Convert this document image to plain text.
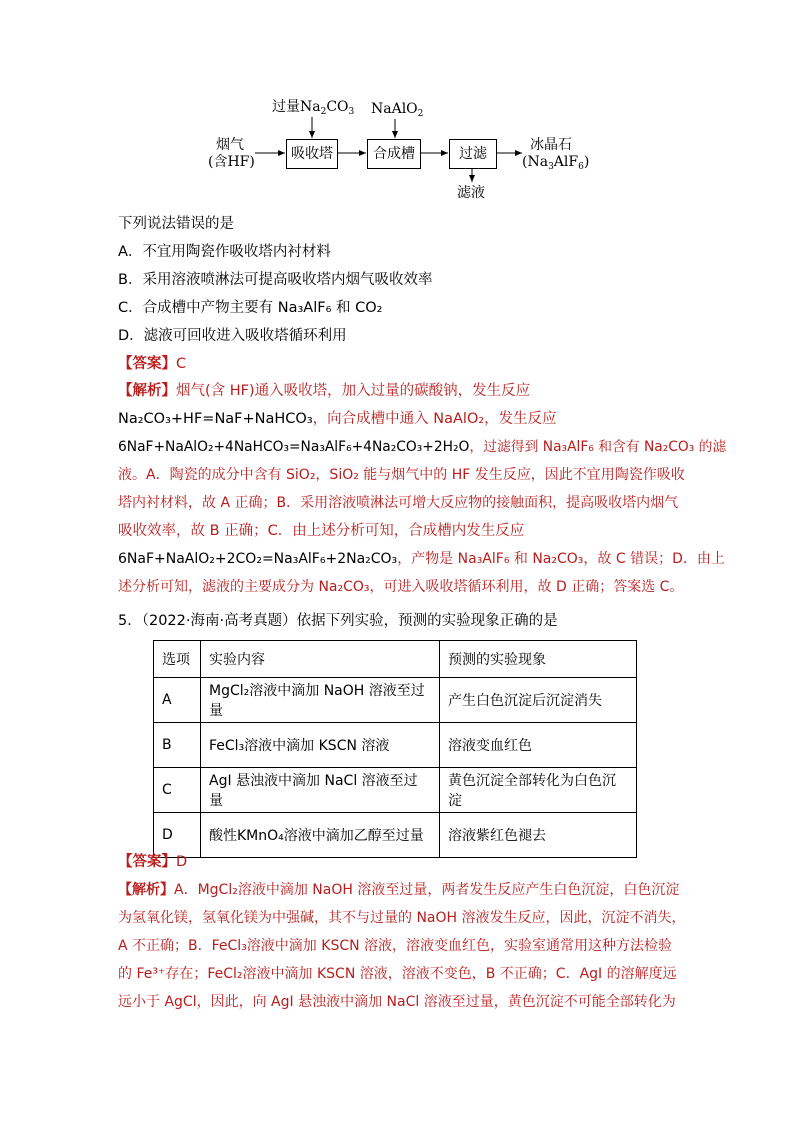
过量$Na_2CO_3$ NaAlO$_2$
烟气
(含HF)	吸收塔	合成槽	过滤
冰晶石
$(Na_3AlF_6)$
滤液
下列说法错误的是
A．不宜用陶瓷作吸收塔内衬材料
B．采用溶液喷淋法可提高吸收塔内烟气吸收效率
C．合成槽中产物主要有 Na₃AlF₆ 和 CO₂
D．滤液可回收进入吸收塔循环利用
【答案】C
【解析】烟气(含 HF)通入吸收塔，加入过量的碳酸钠，发生反应
Na₂CO₃+HF=NaF+NaHCO₃，向合成槽中通入 NaAlO₂，发生反应
6NaF+NaAlO₂+4NaHCO₃=Na₃AlF₆+4Na₂CO₃+2H₂O，过滤得到 Na₃AlF₆ 和含有 Na₂CO₃ 的滤
液。A．陶瓷的成分中含有 SiO₂，SiO₂ 能与烟气中的 HF 发生反应，因此不宜用陶瓷作吸收
塔内衬材料，故 A 正确；B．采用溶液喷淋法可增大反应物的接触面积，提高吸收塔内烟气
吸收效率，故 B 正确；C．由上述分析可知，合成槽内发生反应
6NaF+NaAlO₂+2CO₂=Na₃AlF₆+2Na₂CO₃，产物是 Na₃AlF₆ 和 Na₂CO₃，故 C 错误；D．由上
述分析可知，滤液的主要成分为 Na₂CO₃，可进入吸收塔循环利用，故 D 正确；答案选 C。
5．（2022·海南·高考真题）依据下列实验，预测的实验现象正确的是
选项	实验内容	预测的实验现象
A	MgCl₂溶液中滴加 NaOH 溶液至过量	产生白色沉淀后沉淀消失
B	FeCl₃溶液中滴加 KSCN 溶液	溶液变血红色
C	AgI 悬浊液中滴加 NaCl 溶液至过量	黄色沉淀全部转化为白色沉淀
D	酸性KMnO₄溶液中滴加乙醇至过量	溶液紫红色褪去
【答案】D
【解析】A．MgCl₂溶液中滴加 NaOH 溶液至过量，两者发生反应产生白色沉淀，白色沉淀
为氢氧化镁，氢氧化镁为中强碱，其不与过量的 NaOH 溶液发生反应，因此，沉淀不消失，
A 不正确；B．FeCl₃溶液中滴加 KSCN 溶液，溶液变血红色，实验室通常用这种方法检验
的 Fe³⁺存在；FeCl₂溶液中滴加 KSCN 溶液，溶液不变色，B 不正确；C．AgI 的溶解度远
远小于 AgCl，因此，向 AgI 悬浊液中滴加 NaCl 溶液至过量，黄色沉淀不可能全部转化为
